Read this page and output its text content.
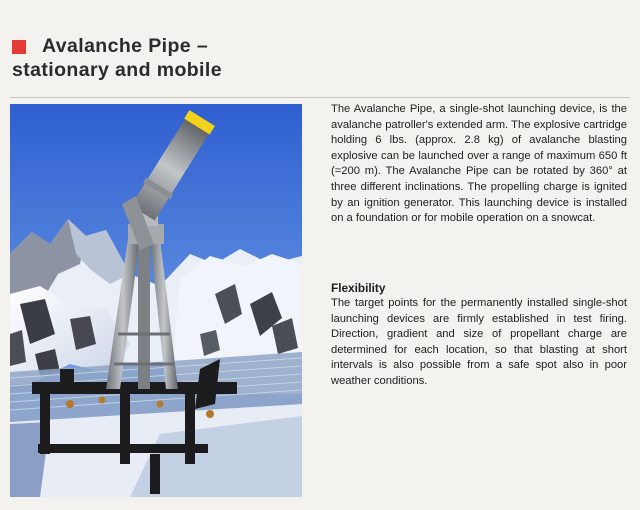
Avalanche Pipe –
stationary and mobile

The Avalanche Pipe, a single-shot launching device, is the avalanche patroller's extended arm. The explosive cartridge holding 6 lbs. (approx. 2.8 kg) of avalanche blasting explosive can be launched over a range of maximum 650 ft (=200 m). The Avalanche Pipe can be rotated by 360° at three different inclinations. The propelling charge is ignited by an ignition generator. This launching device is installed on a foundation or for mobile operation on a snowcat.

Flexibility

The target points for the permanently installed single-shot launching devices are firmly established in test firing. Direction, gradient and size of propellant charge are determined for each location, so that blasting at short intervals is also possible from a safe spot also in poor weather conditions.
